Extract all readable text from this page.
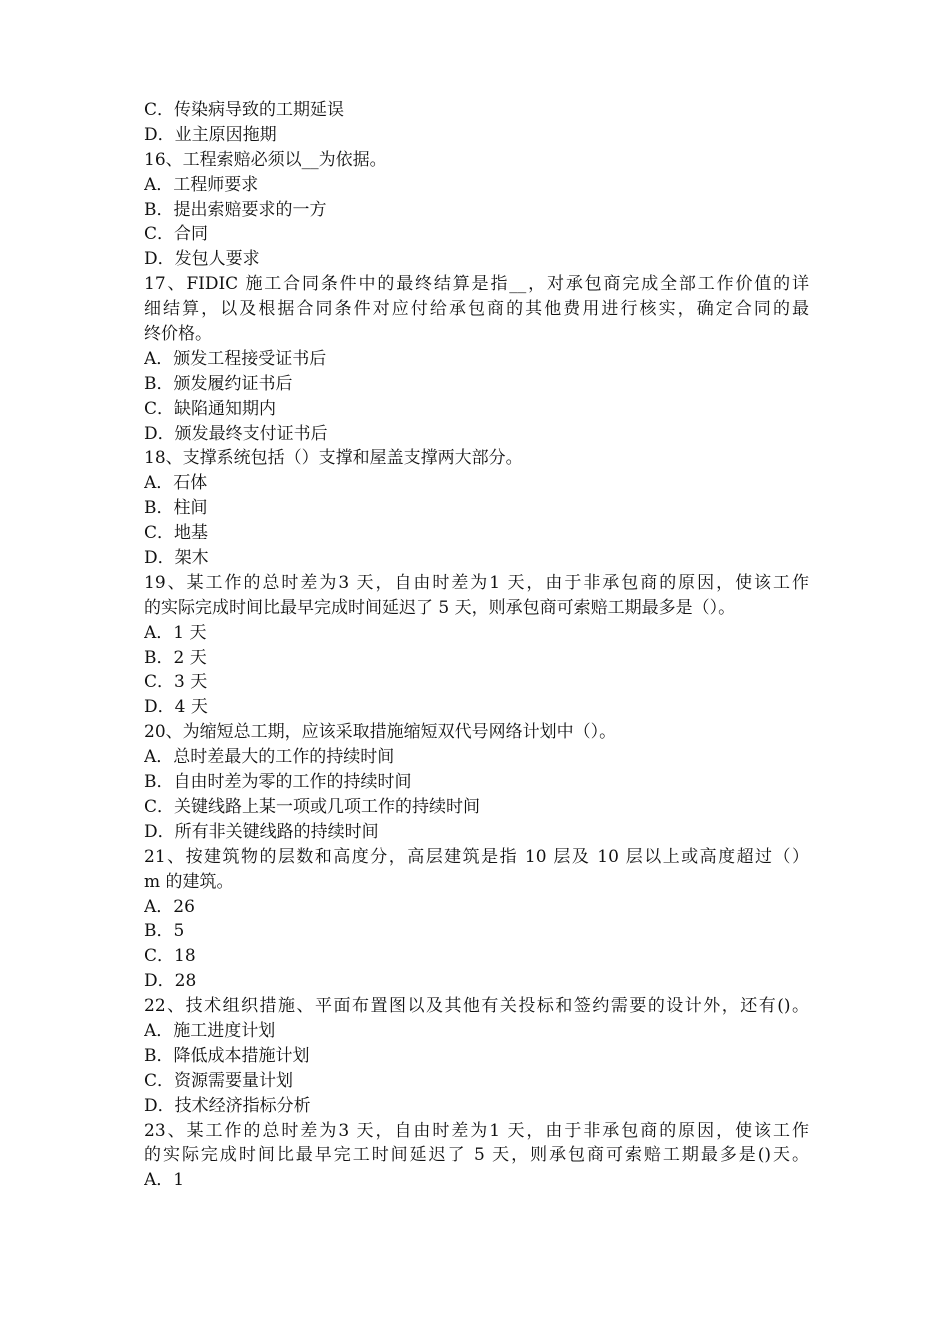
C．传染病导致的工期延误
D．业主原因拖期
16、工程索赔必须以__为依据。
A．工程师要求
B．提出索赔要求的一方
C．合同
D．发包人要求
17、FIDIC 施工合同条件中的最终结算是指__，对承包商完成全部工作价值的详
细结算，以及根据合同条件对应付给承包商的其他费用进行核实，确定合同的最
终价格。
A．颁发工程接受证书后
B．颁发履约证书后
C．缺陷通知期内
D．颁发最终支付证书后
18、支撑系统包括（）支撑和屋盖支撑两大部分。
A．石体
B．柱间
C．地基
D．架木
19、某工作的总时差为3 天，自由时差为1 天，由于非承包商的原因，使该工作
的实际完成时间比最早完成时间延迟了 5 天，则承包商可索赔工期最多是（）。
A．1 天
B．2 天
C．3 天
D．4 天
20、为缩短总工期，应该采取措施缩短双代号网络计划中（）。
A．总时差最大的工作的持续时间
B．自由时差为零的工作的持续时间
C．关键线路上某一项或几项工作的持续时间
D．所有非关键线路的持续时间
21、按建筑物的层数和高度分，高层建筑是指 10 层及 10 层以上或高度超过（）
m 的建筑。
A．26
B．5
C．18
D．28
22、技术组织措施、平面布置图以及其他有关投标和签约需要的设计外，还有()。
A．施工进度计划
B．降低成本措施计划
C．资源需要量计划
D．技术经济指标分析
23、某工作的总时差为3 天，自由时差为1 天，由于非承包商的原因，使该工作
的实际完成时间比最早完工时间延迟了 5 天，则承包商可索赔工期最多是()天。
A．1
